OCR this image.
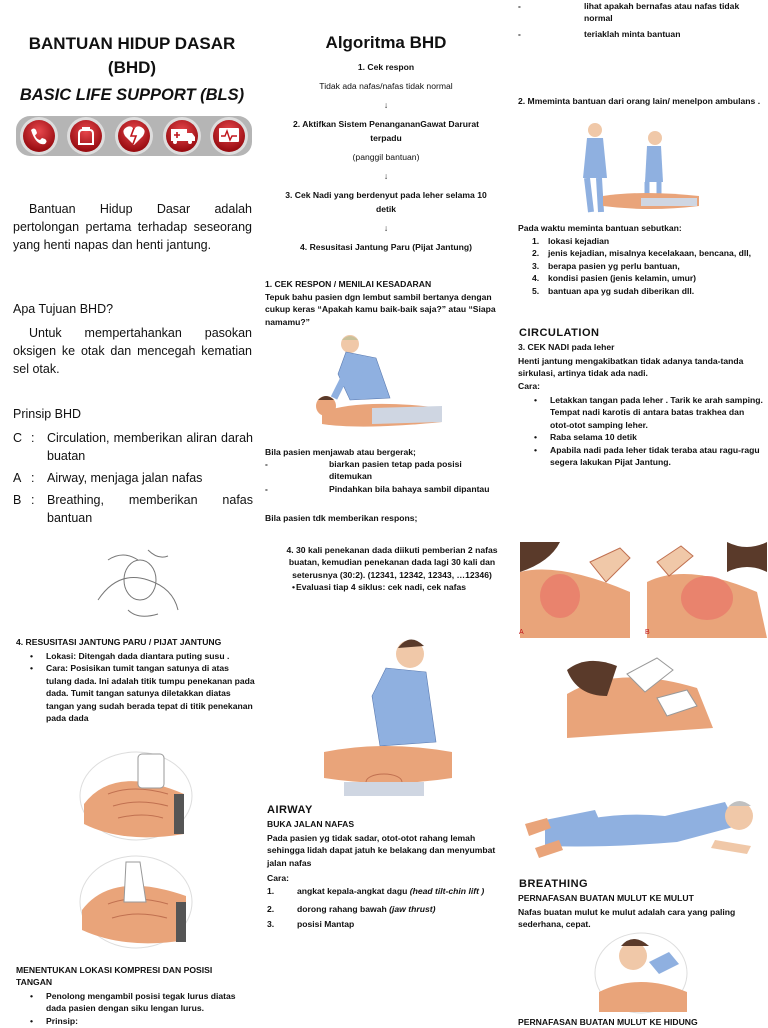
BANTUAN HIDUP DASAR
(BHD)
BASIC LIFE SUPPORT (BLS)
Bantuan Hidup Dasar adalah pertolongan pertama terhadap seseorang yang henti napas dan henti jantung.
Apa Tujuan BHD?
Untuk mempertahankan pasokan oksigen ke otak dan mencegah kematian sel otak.
Prinsip BHD
C : Circulation, memberikan aliran darah buatan
A : Airway, menjaga jalan nafas
B : Breathing, memberikan nafas bantuan
4. RESUSITASI JANTUNG PARU / PIJAT JANTUNG
• Lokasi: Ditengah dada diantara puting susu .
• Cara: Posisikan tumit tangan satunya di atas tulang dada. Ini adalah titik tumpu penekanan pada dada. Tumit tangan satunya diletakkan diatas tangan yang sudah berada tepat di titik penekanan pada dada
MENENTUKAN LOKASI KOMPRESI DAN POSISI TANGAN
• Penolong mengambil posisi tegak lurus diatas dada pasien dengan siku lengan lurus.
• Prinsip:
Algoritma BHD
1. Cek respon
Tidak ada nafas/nafas tidak normal
↓
2. Aktifkan Sistem PenangananGawat Darurat terpadu
(panggil bantuan)
↓
3. Cek Nadi yang berdenyut pada leher selama 10 detik
↓
4. Resusitasi Jantung Paru (Pijat Jantung)
1. CEK RESPON / MENILAI KESADARAN
Tepuk bahu pasien dgn lembut sambil bertanya dengan cukup keras “Apakah kamu baik-baik saja?” atau “Siapa namamu?”
Bila pasien menjawab atau bergerak;
-	biarkan pasien tetap pada posisi ditemukan
-	Pindahkan bila bahaya sambil dipantau
Bila pasien tdk memberikan respons;
4. 30 kali penekanan dada diikuti pemberian 2 nafas buatan, kemudian penekanan dada lagi 30 kali dan seterusnya (30:2). (12341, 12342, 12343, …12346)
• Evaluasi tiap 4 siklus: cek nadi, cek nafas
AIRWAY
BUKA JALAN NAFAS
Pada pasien yg tidak sadar, otot-otot rahang lemah sehingga lidah dapat jatuh ke belakang dan menyumbat jalan nafas
Cara:
1.	angkat kepala-angkat dagu (head tilt-chin lift )
2.	dorong rahang bawah (jaw thrust)
3.	posisi Mantap
-	lihat apakah bernafas atau nafas tidak normal
-	teriaklah minta bantuan
2. Mmeminta bantuan dari orang lain/ menelpon ambulans .
Pada waktu meminta bantuan sebutkan:
1. lokasi kejadian
2. jenis kejadian, misalnya kecelakaan, bencana, dll,
3. berapa pasien yg perlu bantuan,
4. kondisi pasien (jenis kelamin, umur)
5. bantuan apa yg sudah diberikan dll.
CIRCULATION
3. CEK NADI pada leher
Henti jantung mengakibatkan tidak adanya tanda-tanda sirkulasi, artinya tidak ada nadi.
Cara:
• Letakkan tangan pada leher . Tarik ke arah samping. Tempat nadi karotis di antara batas trakhea dan otot-otot samping leher.
• Raba selama 10 detik
• Apabila nadi pada leher tidak teraba atau ragu-ragu segera lakukan Pijat Jantung.
A	B
BREATHING
PERNAFASAN BUATAN MULUT KE MULUT
Nafas buatan mulut ke mulut adalah cara yang paling sederhana, cepat.
PERNAFASAN BUATAN MULUT KE HIDUNG
